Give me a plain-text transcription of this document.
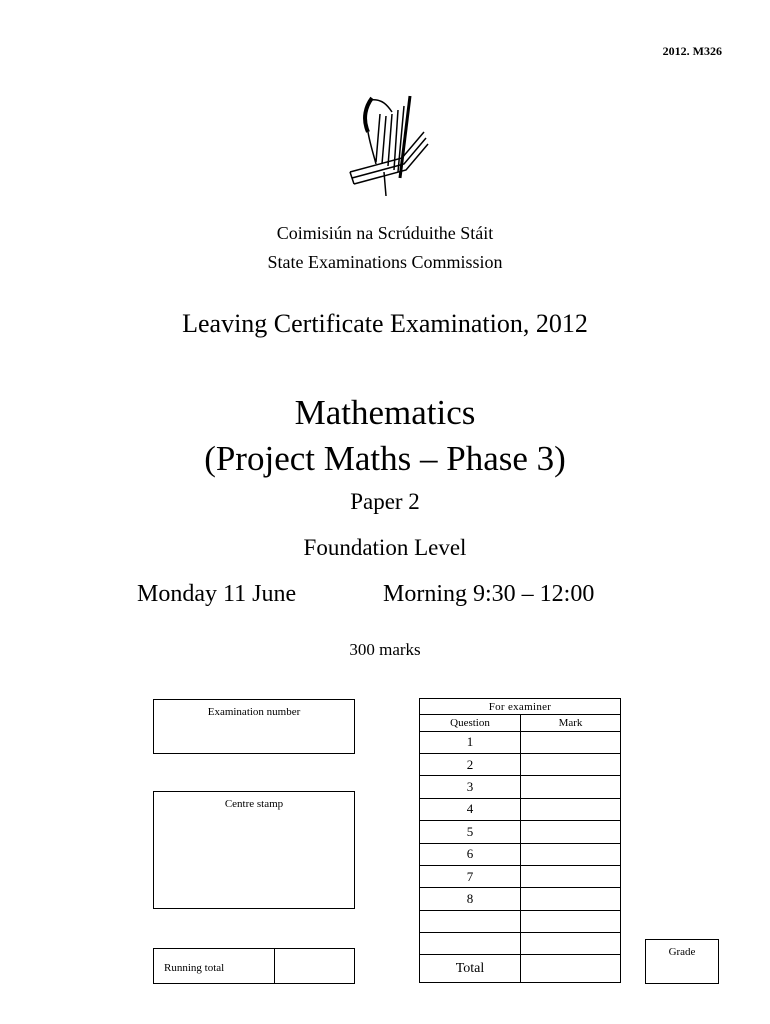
2012. M326
Coimisiún na Scrúduithe Stáit
State Examinations Commission
Leaving Certificate Examination, 2012
Mathematics
(Project Maths – Phase 3)
Paper 2
Foundation Level
Monday 11 June	Morning 9:30 – 12:00
300 marks
Examination number
Centre stamp
Running total
For examiner	
Question	Mark
1	
2	
3	
4	
5	
6	
7	
8	

Total	
Grade
